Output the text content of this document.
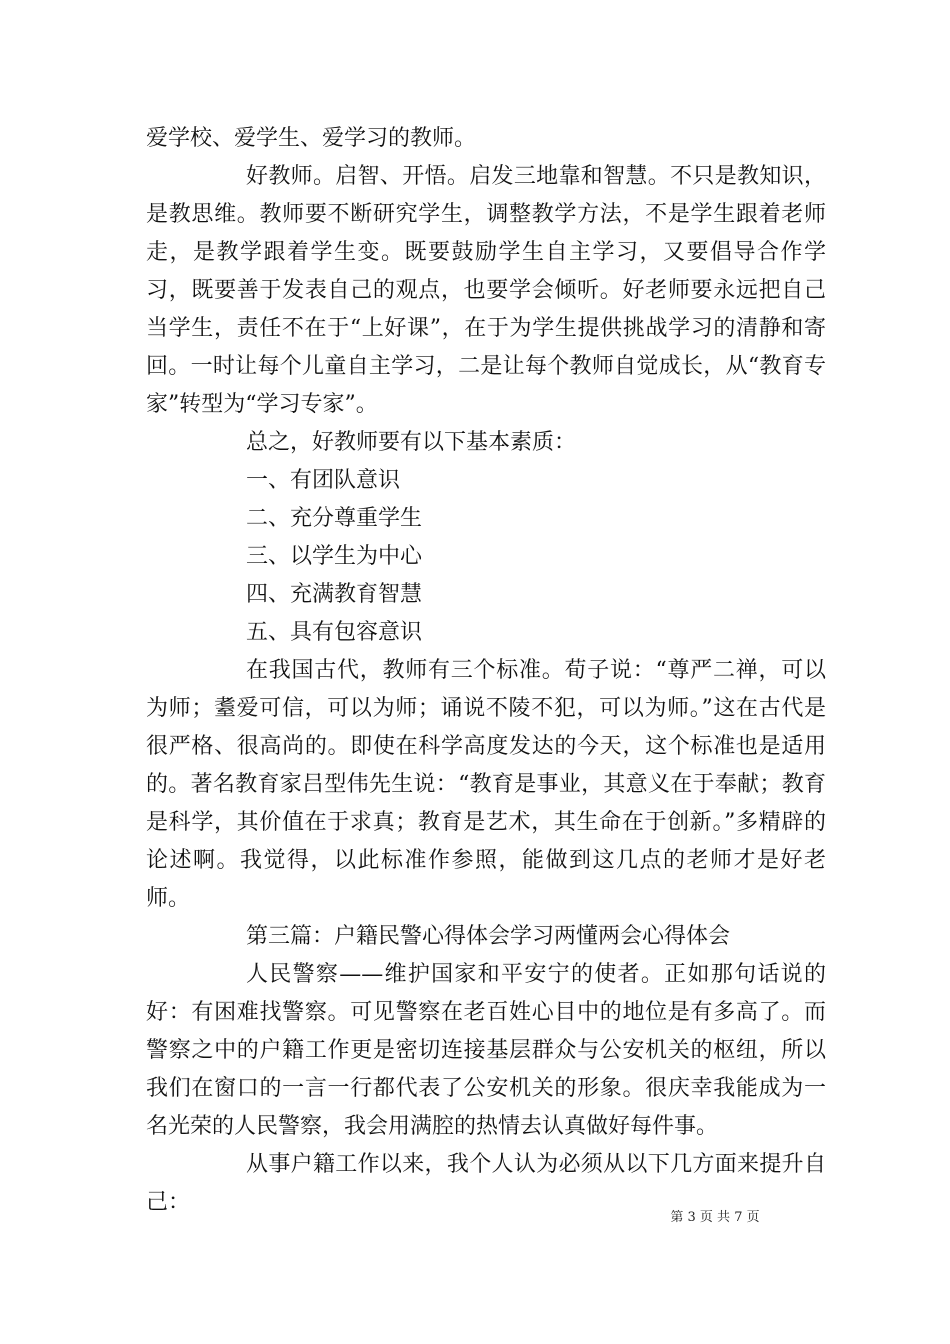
爱学校、爱学生、爱学习的教师。

好教师。启智、开悟。启发三地靠和智慧。不只是教知识，是教思维。教师要不断研究学生，调整教学方法，不是学生跟着老师走，是教学跟着学生变。既要鼓励学生自主学习，又要倡导合作学习，既要善于发表自己的观点，也要学会倾听。好老师要永远把自己当学生，责任不在于“上好课”，在于为学生提供挑战学习的清静和寄回。一时让每个儿童自主学习，二是让每个教师自觉成长，从“教育专家”转型为“学习专家”。

总之，好教师要有以下基本素质：

一、有团队意识

二、充分尊重学生

三、以学生为中心

四、充满教育智慧

五、具有包容意识

在我国古代，教师有三个标准。荀子说：“尊严二禅，可以为师；耋爱可信，可以为师；诵说不陵不犯，可以为师。”这在古代是很严格、很高尚的。即使在科学高度发达的今天，这个标准也是适用的。著名教育家吕型伟先生说：“教育是事业，其意义在于奉献；教育是科学，其价值在于求真；教育是艺术，其生命在于创新。”多精辟的论述啊。我觉得，以此标准作参照，能做到这几点的老师才是好老师。

第三篇：户籍民警心得体会学习两懂两会心得体会

人民警察——维护国家和平安宁的使者。正如那句话说的好：有困难找警察。可见警察在老百姓心目中的地位是有多高了。而警察之中的户籍工作更是密切连接基层群众与公安机关的枢纽，所以我们在窗口的一言一行都代表了公安机关的形象。很庆幸我能成为一名光荣的人民警察，我会用满腔的热情去认真做好每件事。

从事户籍工作以来，我个人认为必须从以下几方面来提升自己：

第 3 页 共 7 页
